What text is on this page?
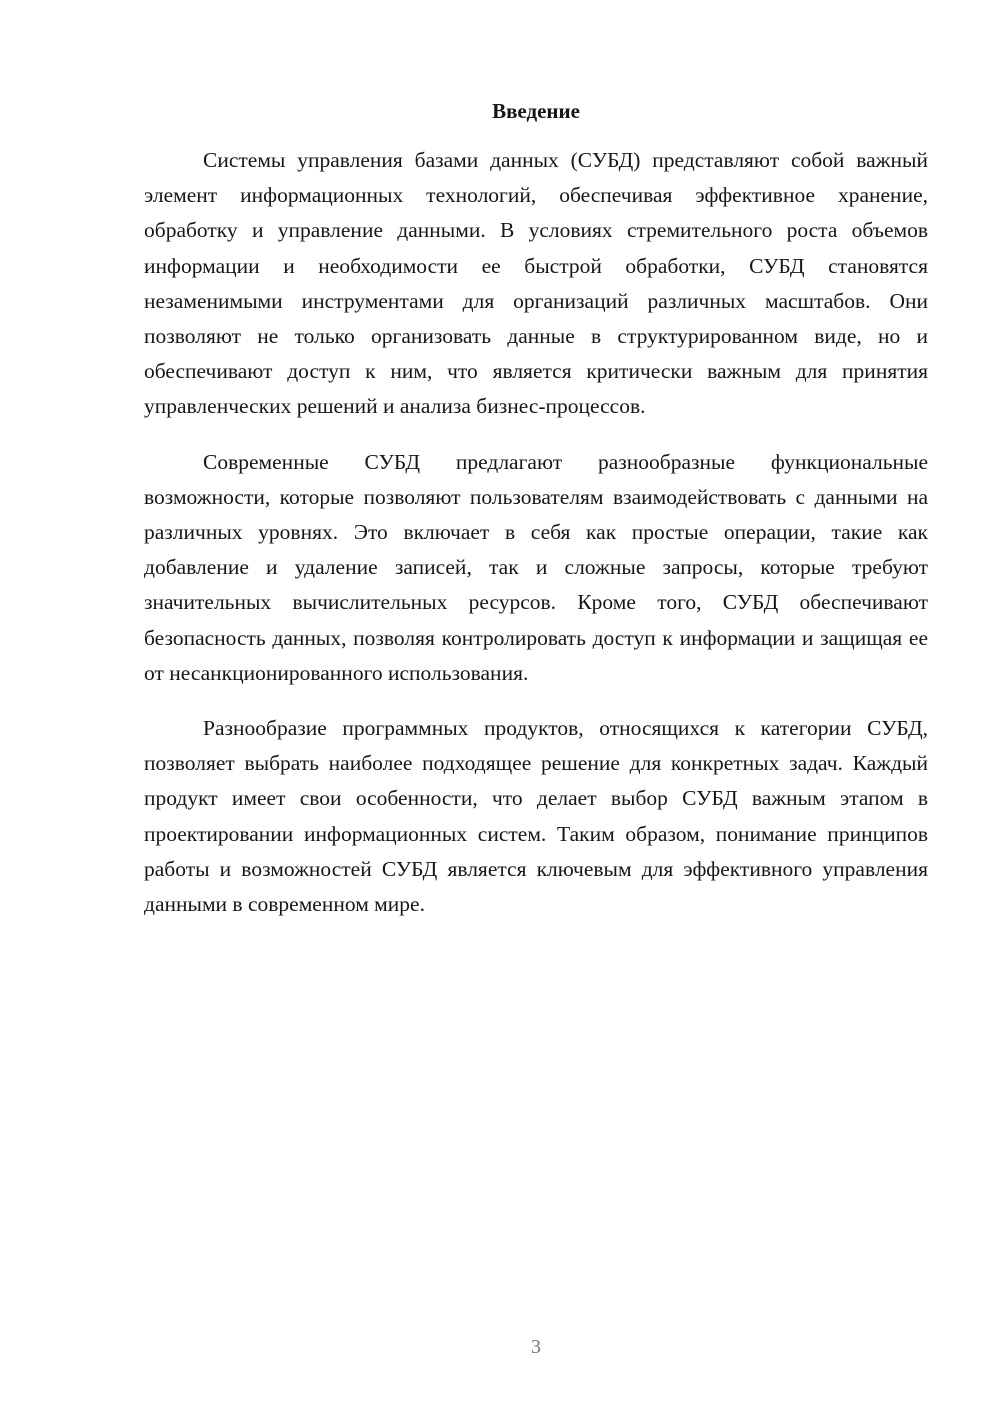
Введение

Системы управления базами данных (СУБД) представляют собой важный элемент информационных технологий, обеспечивая эффективное хранение, обработку и управление данными. В условиях стремительного роста объемов информации и необходимости ее быстрой обработки, СУБД становятся незаменимыми инструментами для организаций различных масштабов. Они позволяют не только организовать данные в структурированном виде, но и обеспечивают доступ к ним, что является критически важным для принятия управленческих решений и анализа бизнес-процессов.

Современные СУБД предлагают разнообразные функциональные возможности, которые позволяют пользователям взаимодействовать с данными на различных уровнях. Это включает в себя как простые операции, такие как добавление и удаление записей, так и сложные запросы, которые требуют значительных вычислительных ресурсов. Кроме того, СУБД обеспечивают безопасность данных, позволяя контролировать доступ к информации и защищая ее от несанкционированного использования.

Разнообразие программных продуктов, относящихся к категории СУБД, позволяет выбрать наиболее подходящее решение для конкретных задач. Каждый продукт имеет свои особенности, что делает выбор СУБД важным этапом в проектировании информационных систем. Таким образом, понимание принципов работы и возможностей СУБД является ключевым для эффективного управления данными в современном мире.

3
